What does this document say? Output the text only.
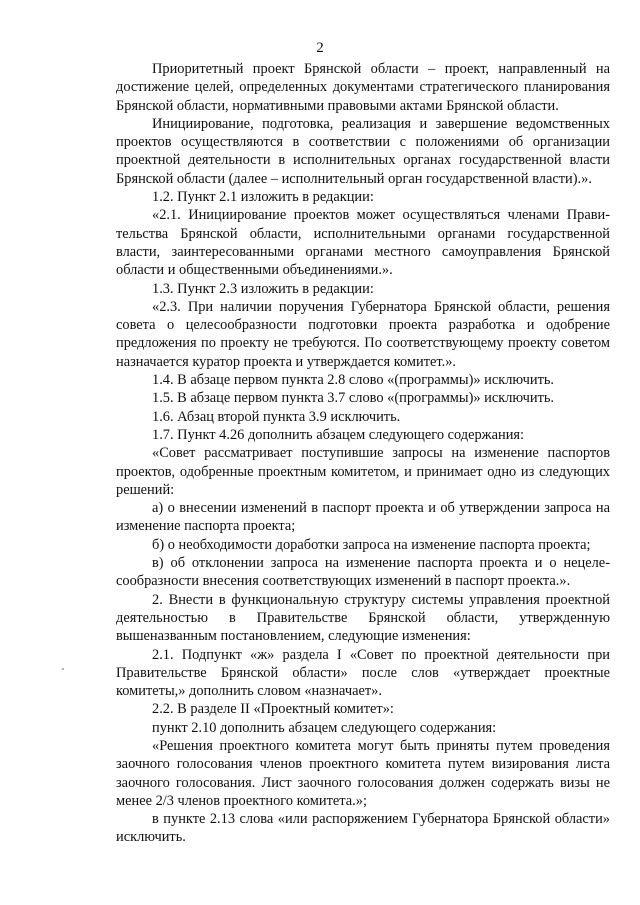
2

Приоритетный проект Брянской области – проект, направленный на достижение целей, определенных документами стратегического планирования Брянской области, нормативными правовыми актами Брянской области.

Инициирование, подготовка, реализация и завершение ведомственных проектов осуществляются в соответствии с положениями об организации проектной деятельности в исполнительных органах государственной власти Брянской области (далее – исполнительный орган государственной власти).».

1.2. Пункт 2.1 изложить в редакции:

«2.1. Инициирование проектов может осуществляться членами Правительства Брянской области, исполнительными органами государственной власти, заинтересованными органами местного самоуправления Брянской области и общественными объединениями.».

1.3. Пункт 2.3 изложить в редакции:

«2.3. При наличии поручения Губернатора Брянской области, решения совета о целесообразности подготовки проекта разработка и одобрение предложения по проекту не требуются. По соответствующему проекту советом назначается куратор проекта и утверждается комитет.».

1.4. В абзаце первом пункта 2.8 слово «(программы)» исключить.

1.5. В абзаце первом пункта 3.7 слово «(программы)» исключить.

1.6. Абзац второй пункта 3.9 исключить.

1.7. Пункт 4.26 дополнить абзацем следующего содержания:

«Совет рассматривает поступившие запросы на изменение паспортов проектов, одобренные проектным комитетом, и принимает одно из следующих решений:

а) о внесении изменений в паспорт проекта и об утверждении запроса на изменение паспорта проекта;

б) о необходимости доработки запроса на изменение паспорта проекта;

в) об отклонении запроса на изменение паспорта проекта и о нецелесообразности внесения соответствующих изменений в паспорт проекта.».

2. Внести в функциональную структуру системы управления проектной деятельностью в Правительстве Брянской области, утвержденную вышеназванным постановлением, следующие изменения:

2.1. Подпункт «ж» раздела I «Совет по проектной деятельности при Правительстве Брянской области» после слов «утверждает проектные комитеты,» дополнить словом «назначает».

2.2. В разделе II «Проектный комитет»:

пункт 2.10 дополнить абзацем следующего содержания:

«Решения проектного комитета могут быть приняты путем проведения заочного голосования членов проектного комитета путем визирования листа заочного голосования. Лист заочного голосования должен содержать визы не менее 2/3 членов проектного комитета.»;

в пункте 2.13 слова «или распоряжением Губернатора Брянской области» исключить.
